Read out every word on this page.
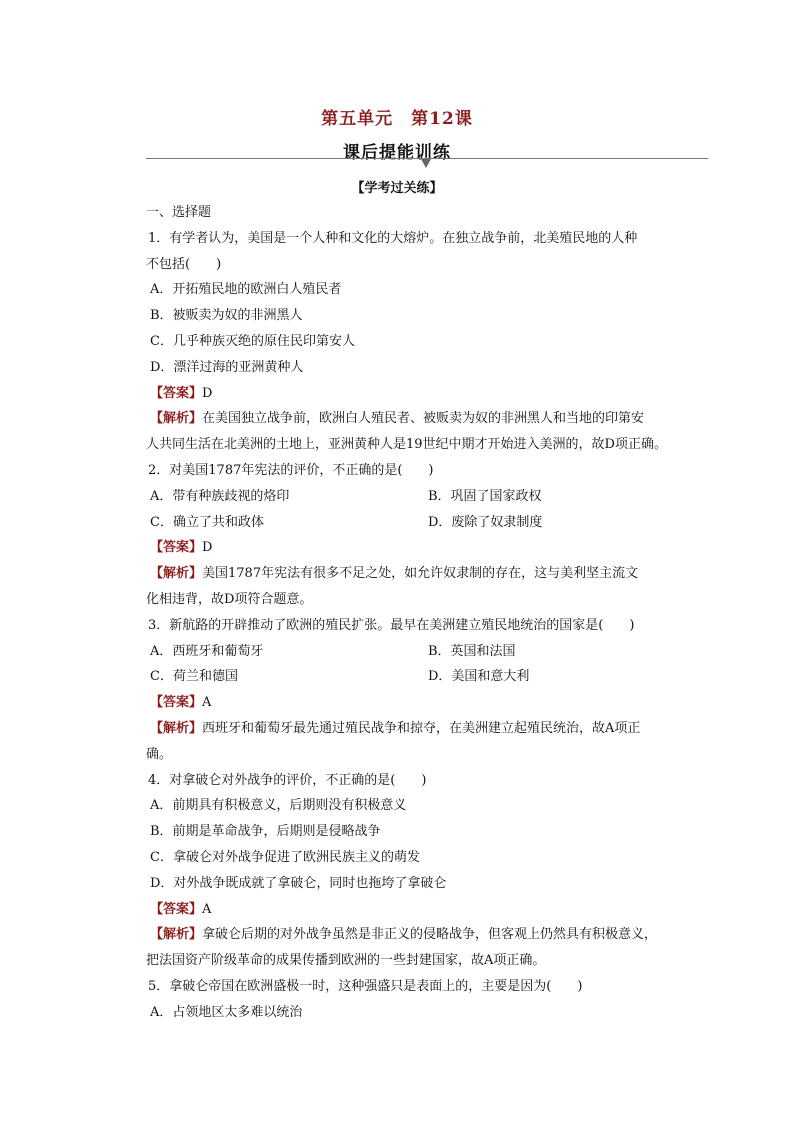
第五单元　第12课
课后提能训练
【学考过关练】
一、选择题
1．有学者认为，美国是一个人种和文化的大熔炉。在独立战争前，北美殖民地的人种
不包括(　　)
A．开拓殖民地的欧洲白人殖民者
B．被贩卖为奴的非洲黑人
C．几乎种族灭绝的原住民印第安人
D．漂洋过海的亚洲黄种人
【答案】D
【解析】在美国独立战争前，欧洲白人殖民者、被贩卖为奴的非洲黑人和当地的印第安
人共同生活在北美洲的土地上，亚洲黄种人是19世纪中期才开始进入美洲的，故D项正确。
2．对美国1787年宪法的评价，不正确的是(　　)
A．带有种族歧视的烙印	B．巩固了国家政权
C．确立了共和政体	D．废除了奴隶制度
【答案】D
【解析】美国1787年宪法有很多不足之处，如允许奴隶制的存在，这与美利坚主流文
化相违背，故D项符合题意。
3．新航路的开辟推动了欧洲的殖民扩张。最早在美洲建立殖民地统治的国家是(　　)
A．西班牙和葡萄牙	B．英国和法国
C．荷兰和德国	D．美国和意大利
【答案】A
【解析】西班牙和葡萄牙最先通过殖民战争和掠夺，在美洲建立起殖民统治，故A项正
确。
4．对拿破仑对外战争的评价，不正确的是(　　)
A．前期具有积极意义，后期则没有积极意义
B．前期是革命战争，后期则是侵略战争
C．拿破仑对外战争促进了欧洲民族主义的萌发
D．对外战争既成就了拿破仑，同时也拖垮了拿破仑
【答案】A
【解析】拿破仑后期的对外战争虽然是非正义的侵略战争，但客观上仍然具有积极意义，
把法国资产阶级革命的成果传播到欧洲的一些封建国家，故A项正确。
5．拿破仑帝国在欧洲盛极一时，这种强盛只是表面上的，主要是因为(　　)
A．占领地区太多难以统治
